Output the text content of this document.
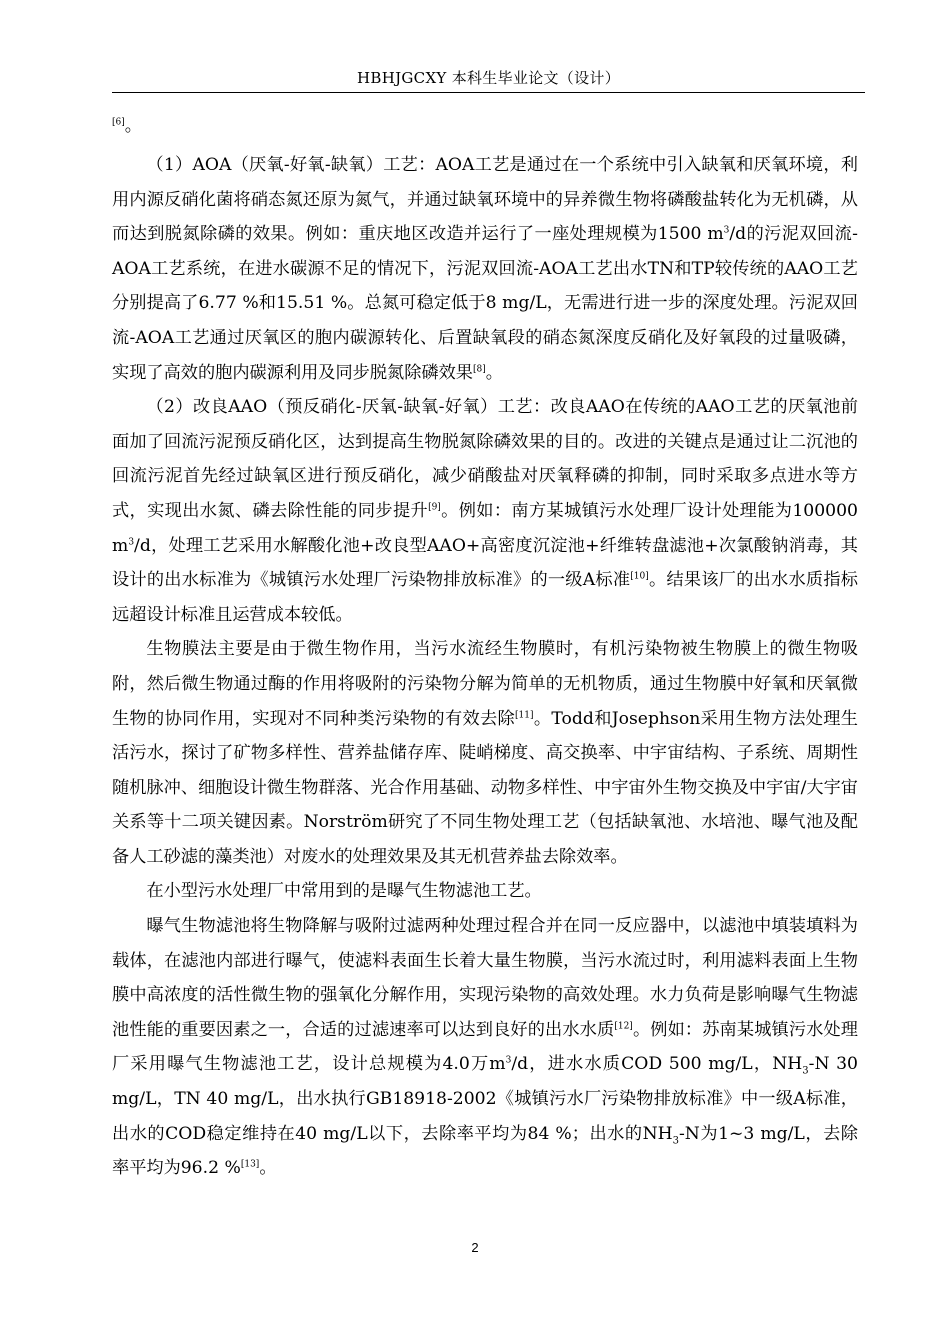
HBHJGCXY 本科生毕业论文（设计）

[6]。

（1）AOA（厌氧-好氧-缺氧）工艺：AOA工艺是通过在一个系统中引入缺氧和厌氧环境，利用内源反硝化菌将硝态氮还原为氮气，并通过缺氧环境中的异养微生物将磷酸盐转化为无机磷，从而达到脱氮除磷的效果。例如：重庆地区改造并运行了一座处理规模为1500 $m^3/d$的污泥双回流-AOA工艺系统，在进水碳源不足的情况下，污泥双回流-AOA工艺出水TN和TP较传统的AAO工艺分别提高了6.77 %和15.51 %。总氮可稳定低于8 mg/L，无需进行进一步的深度处理。污泥双回流-AOA工艺通过厌氧区的胞内碳源转化、后置缺氧段的硝态氮深度反硝化及好氧段的过量吸磷，实现了高效的胞内碳源利用及同步脱氮除磷效果[8]。

（2）改良AAO（预反硝化-厌氧-缺氧-好氧）工艺：改良AAO在传统的AAO工艺的厌氧池前面加了回流污泥预反硝化区，达到提高生物脱氮除磷效果的目的。改进的关键点是通过让二沉池的回流污泥首先经过缺氧区进行预反硝化，减少硝酸盐对厌氧释磷的抑制，同时采取多点进水等方式，实现出水氮、磷去除性能的同步提升[9]。例如：南方某城镇污水处理厂设计处理能为100000 $m^3/d$，处理工艺采用水解酸化池+改良型AAO+高密度沉淀池+纤维转盘滤池+次氯酸钠消毒，其设计的出水标准为《城镇污水处理厂污染物排放标准》的一级A标准[10]。结果该厂的出水水质指标远超设计标准且运营成本较低。

生物膜法主要是由于微生物作用，当污水流经生物膜时，有机污染物被生物膜上的微生物吸附，然后微生物通过酶的作用将吸附的污染物分解为简单的无机物质，通过生物膜中好氧和厌氧微生物的协同作用，实现对不同种类污染物的有效去除[11]。Todd和Josephson采用生物方法处理生活污水，探讨了矿物多样性、营养盐储存库、陡峭梯度、高交换率、中宇宙结构、子系统、周期性随机脉冲、细胞设计微生物群落、光合作用基础、动物多样性、中宇宙外生物交换及中宇宙/大宇宙关系等十二项关键因素。Norström研究了不同生物处理工艺（包括缺氧池、水培池、曝气池及配备人工砂滤的藻类池）对废水的处理效果及其无机营养盐去除效率。

在小型污水处理厂中常用到的是曝气生物滤池工艺。

曝气生物滤池将生物降解与吸附过滤两种处理过程合并在同一反应器中，以滤池中填装填料为载体，在滤池内部进行曝气，使滤料表面生长着大量生物膜，当污水流过时，利用滤料表面上生物膜中高浓度的活性微生物的强氧化分解作用，实现污染物的高效处理。水力负荷是影响曝气生物滤池性能的重要因素之一，合适的过滤速率可以达到良好的出水水质[12]。例如：苏南某城镇污水处理厂采用曝气生物滤池工艺，设计总规模为4.0万$m^3/d$，进水水质COD 500 mg/L，$NH_3-N$ 30 mg/L，TN 40 mg/L，出水执行GB18918-2002《城镇污水厂污染物排放标准》中一级A标准，出水的COD稳定维持在40 mg/L以下，去除率平均为84 %；出水的$NH_3-N$为1~3 mg/L，去除率平均为96.2 %[13]。

2
